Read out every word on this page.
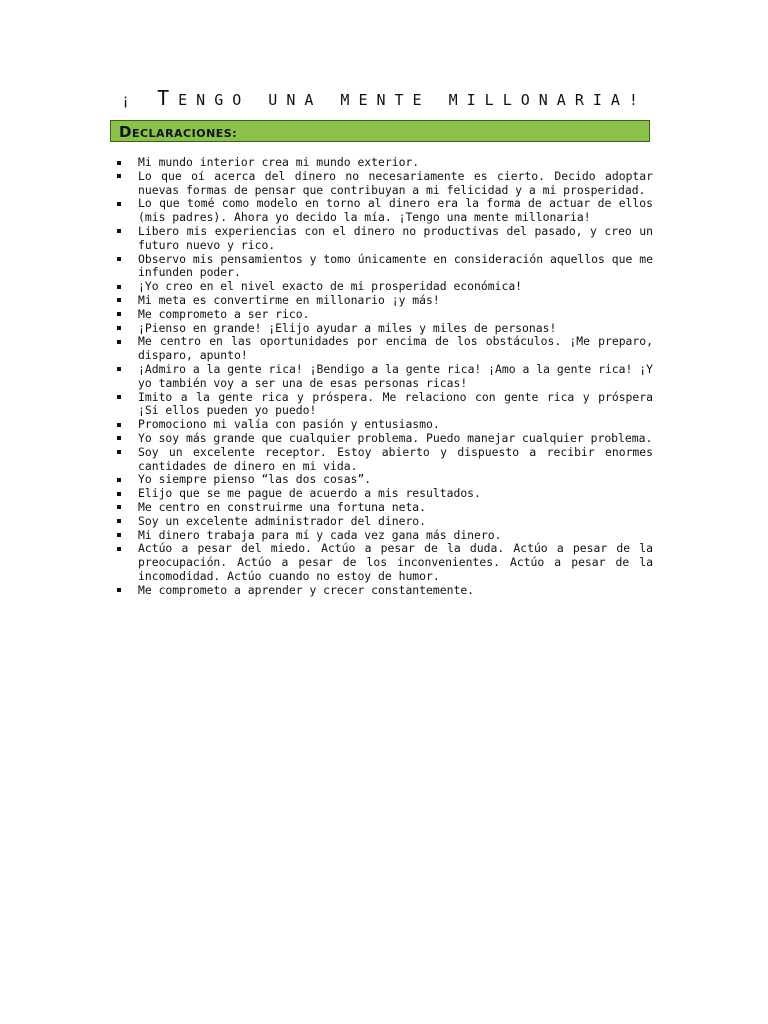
¡ TENGO UNA MENTE MILLONARIA!
DECLARACIONES:
Mi mundo interior crea mi mundo exterior.
Lo que oí acerca del dinero no necesariamente es cierto. Decido adoptar nuevas formas de pensar que contribuyan a mi felicidad y a mi prosperidad.
Lo que tomé como modelo en torno al dinero era la forma de actuar de ellos (mis padres). Ahora yo decido la mía. ¡Tengo una mente millonaria!
Libero mis experiencias con el dinero no productivas del pasado, y creo un futuro nuevo y rico.
Observo mis pensamientos y tomo únicamente en consideración aquellos que me infunden poder.
¡Yo creo en el nivel exacto de mi prosperidad económica!
Mi meta es convertirme en millonario ¡y más!
Me comprometo a ser rico.
¡Pienso en grande! ¡Elijo ayudar a miles y miles de personas!
Me centro en las oportunidades por encima de los obstáculos. ¡Me preparo, disparo, apunto!
¡Admiro a la gente rica! ¡Bendigo a la gente rica! ¡Amo a la gente rica! ¡Y yo también voy a ser una de esas personas ricas!
Imito a la gente rica y próspera. Me relaciono con gente rica y próspera ¡Si ellos pueden yo puedo!
Promociono mi valía con pasión y entusiasmo.
Yo soy más grande que cualquier problema. Puedo manejar cualquier problema.
Soy un excelente receptor. Estoy abierto y dispuesto a recibir enormes cantidades de dinero en mi vida.
Yo siempre pienso “las dos cosas”.
Elijo que se me pague de acuerdo a mis resultados.
Me centro en construirme una fortuna neta.
Soy un excelente administrador del dinero.
Mi dinero trabaja para mí y cada vez gana más dinero.
Actúo a pesar del miedo. Actúo a pesar de la duda. Actúo a pesar de la preocupación. Actúo a pesar de los inconvenientes. Actúo a pesar de la incomodidad. Actúo cuando no estoy de humor.
Me comprometo a aprender y crecer constantemente.
